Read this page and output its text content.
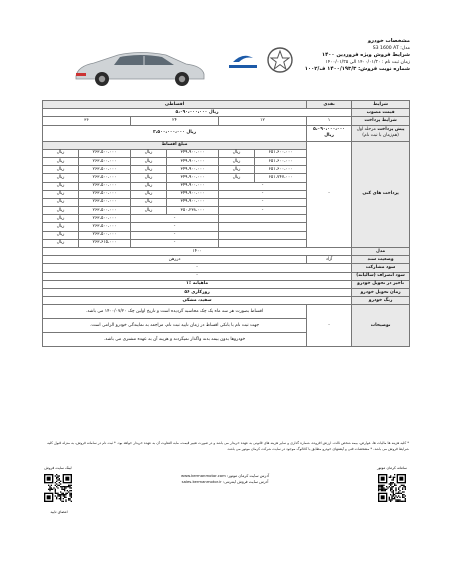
مشخصات خودرو
مدل: S3 1600 AT
شرایط فروش ویژه فروردین ۱۴۰۰
زمان ثبت نام : ۱۴۰۰/۰۱/۲۰ الی ۱۴۰۰/۰۱/۲۵
شماره نوبت فروش: ۱۴۰۰/۱۹۳/۳ ف/۱۰۰۲
اقساطی						نقدی	شرایط
۵،۰۹۰،۰۰۰،۰۰۰ ریال							قیمت مصوب
۳۶		۲۴		۱۲		۱	شرایط پرداخت
۲،۵۰۰،۰۰۰،۰۰۰ ریال						۵،۰۹۰،۰۰۰،۰۰۰ ریال	پیش پرداخت مرحله اول (هم‌زمان با ثبت نام)
مبلغ اقساط						-	پرداخت های کنی
ریال	۲۶۳،۵۰۰،۰۰۰	ریال	۳۴۹،۹۰۰،۰۰۰	ریال	۶۵۱،۶۰۰،۰۰۰		
ریال	۲۶۳،۵۰۰،۰۰۰	ریال	۳۴۹،۹۰۰،۰۰۰	ریال	۶۵۱،۶۰۰،۰۰۰		
ریال	۲۶۳،۵۰۰،۰۰۰	ریال	۳۴۹،۹۰۰،۰۰۰	ریال	۶۵۱،۶۰۰،۰۰۰		
ریال	۲۶۳،۵۰۰،۰۰۰	ریال	۳۴۹،۹۰۰،۰۰۰	ریال	۶۵۱،۷۴۷،۰۰۰		
ریال	۲۶۳،۵۰۰،۰۰۰	ریال	۳۴۹،۹۰۰،۰۰۰	-			
ریال	۲۶۳،۵۰۰،۰۰۰	ریال	۳۴۹،۹۰۰،۰۰۰	-			
ریال	۲۶۳،۵۰۰،۰۰۰	ریال	۳۴۹،۹۰۰،۰۰۰	-			
ریال	۲۶۳،۵۰۰،۰۰۰	ریال	۳۵۰،۲۳۸،۰۰۰	-			
ریال	۲۶۳،۵۰۰،۰۰۰	-					
ریال	۲۶۳،۵۰۰،۰۰۰	-					
ریال	۲۶۳،۵۰۰،۰۰۰	-					
ریال	۲۶۳،۶۱۵،۰۰۰	-					
۱۴۰۰							مدل
دررهن						آزاد	وضعیت سند
-							سود مشارکت
-							سود انصراف (سالیانه)
۱٪ ماهیانه							تاخیر در تحویل خودرو
۵۶ روزکاری							زمان تحویل خودرو
سفید، مشکی							رنگ خودرو
اقساط بصورت هر سه ماه یک چک محاسبه گردیده است و تاریخ اولین چک ۱۴۰۰/۰۷/۲۰ می باشد.						-	توضیحات
جهت ثبت نام با بانکی اقساط در زمان تایید ثبت نام، مراجعه به نمایندگی خودرو الزامی است.							
خودروها بدون بیمه بدنه واگذار نمیگردند و هزینه آن به عهده مشتری می باشد.							
* کلیه هزینه ها مالیات ها، عوارض، بیمه شخص ثالث، ارزش افزوده، شماره گذاری و سایر هزینه های قانونی به عهده خریدار می باشد و در صورت تغییر قیمت، مابه التفاوت آن به عهده خریدار خواهد بود. * ثبت نام در سامانه فروش، به منزله قبول کلیه شرایط فروش می باشد. * مشخصات فنی و آپشنهای خودرو مطابق با کاتالوگ موجود در سایت شرکت کرمان موتور می باشد.
لینک سایت فروش	سامانه کرمان موتور
آدرس سایت کرمان موتور: www.kermanmotor.com
آدرس سایت فروش اینترنتی: sales.kermanmotor.ir
امضای تایید
